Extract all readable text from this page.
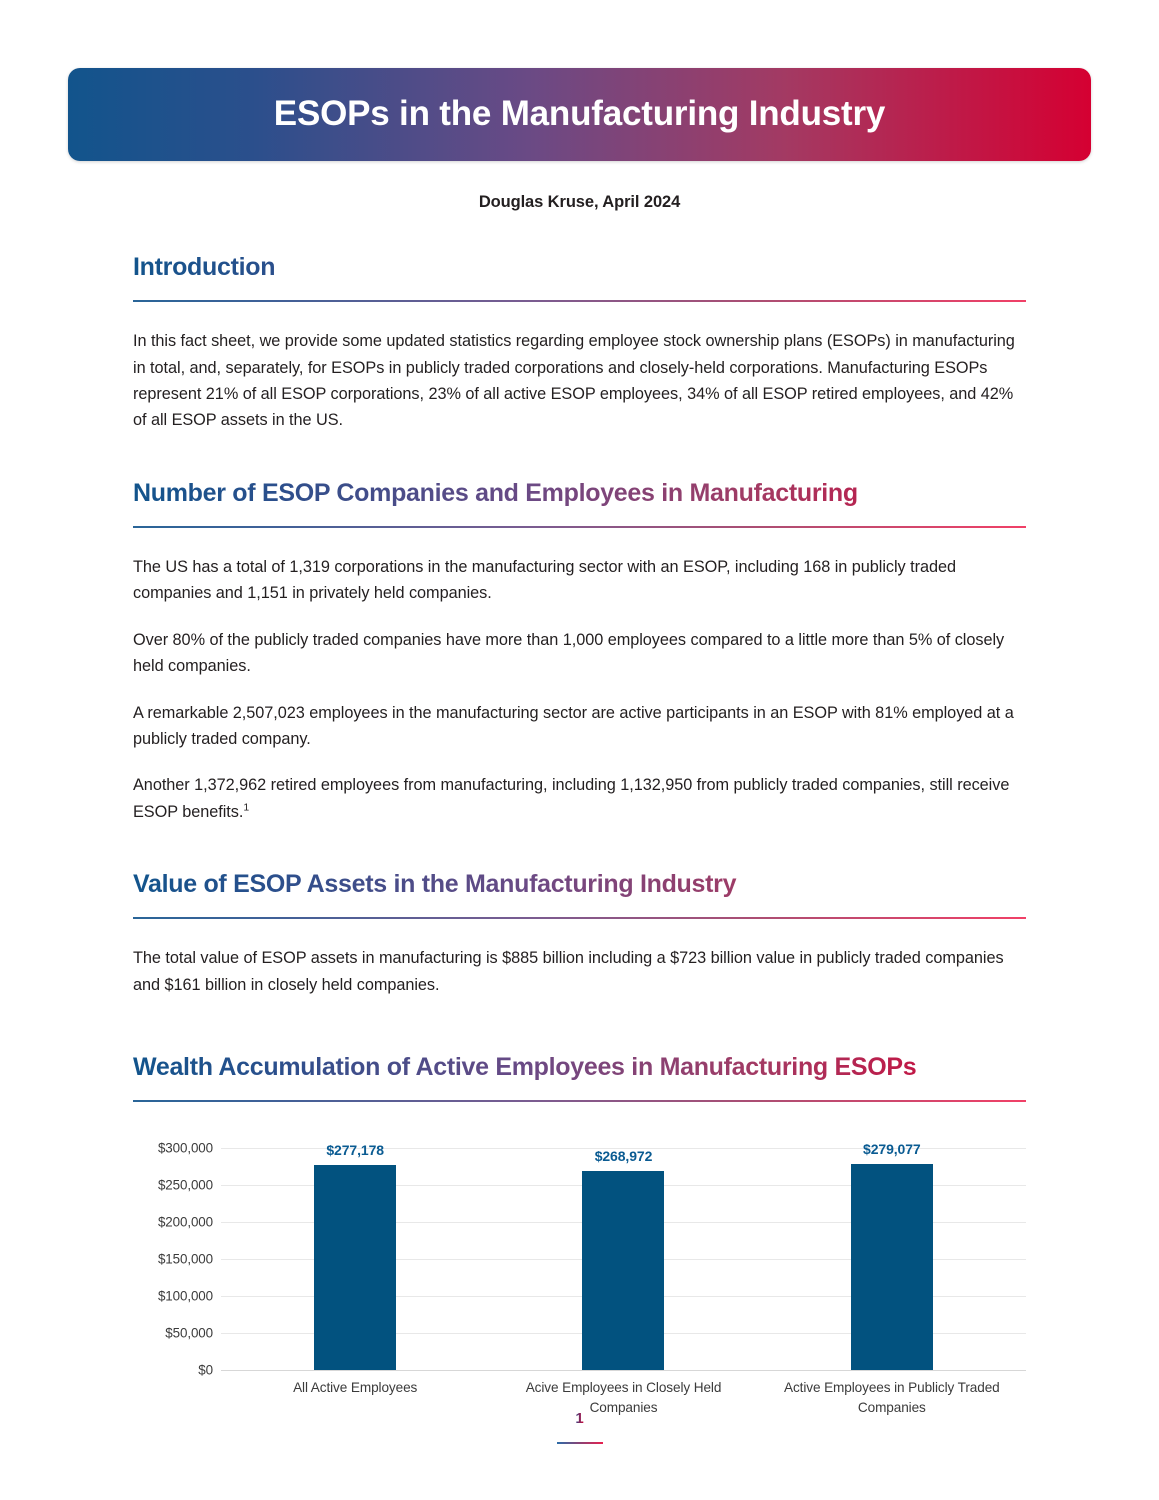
ESOPs in the Manufacturing Industry
Douglas Kruse, April 2024
Introduction

In this fact sheet, we provide some updated statistics regarding employee stock ownership plans (ESOPs) in manufacturing in total, and, separately, for ESOPs in publicly traded corporations and closely-held corporations. Manufacturing ESOPs represent 21% of all ESOP corporations, 23% of all active ESOP employees, 34% of all ESOP retired employees, and 42% of all ESOP assets in the US.

Number of ESOP Companies and Employees in Manufacturing

The US has a total of 1,319 corporations in the manufacturing sector with an ESOP, including 168 in publicly traded companies and 1,151 in privately held companies.

Over 80% of the publicly traded companies have more than 1,000 employees compared to a little more than 5% of closely held companies.

A remarkable 2,507,023 employees in the manufacturing sector are active participants in an ESOP with 81% employed at a publicly traded company.

Another 1,372,962 retired employees from manufacturing, including 1,132,950 from publicly traded companies, still receive ESOP benefits.$^1$

Value of ESOP Assets in the Manufacturing Industry

The total value of ESOP assets in manufacturing is $885 billion including a $723 billion value in publicly traded companies and $161 billion in closely held companies.

Wealth Accumulation of Active Employees in Manufacturing ESOPs
$300,000
$250,000
$200,000
$150,000
$100,000
$50,000
$0
$277,178	$268,972	$279,077
All Active Employees	Acive Employees in Closely Held Companies
Active Employees in Publicly Traded Companies
1
